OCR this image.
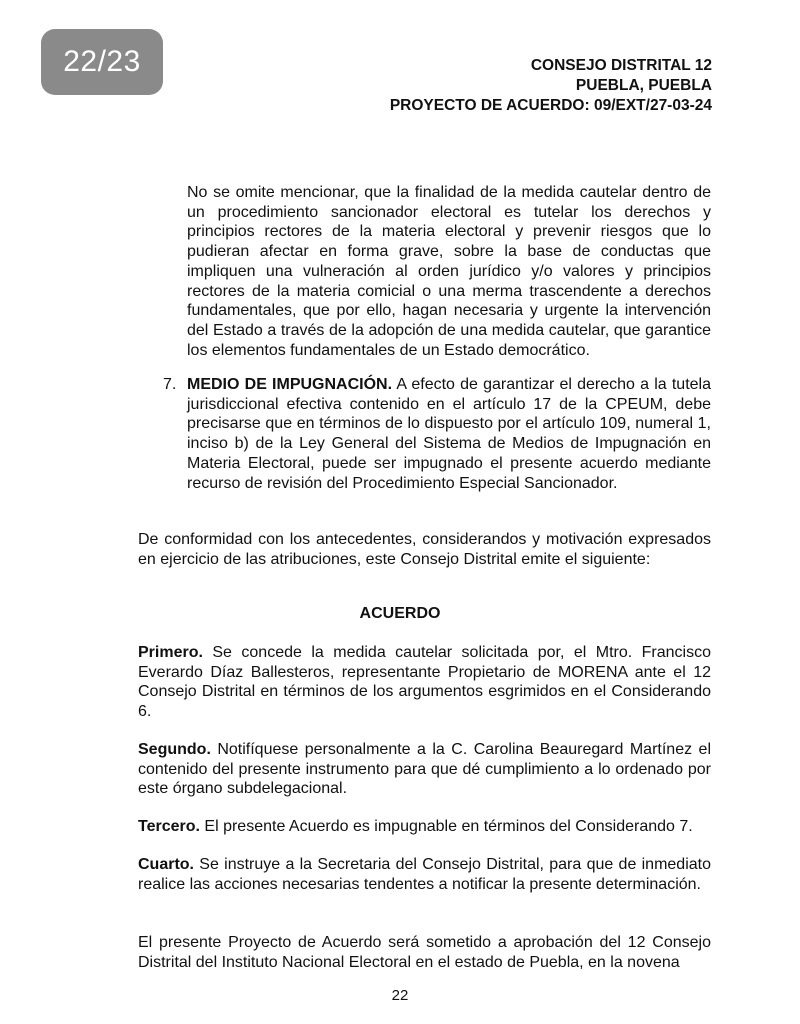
22/23	CONSEJO DISTRITAL 12
PUEBLA, PUEBLA
PROYECTO DE ACUERDO: 09/EXT/27-03-24

No se omite mencionar, que la finalidad de la medida cautelar dentro de un procedimiento sancionador electoral es tutelar los derechos y principios rectores de la materia electoral y prevenir riesgos que lo pudieran afectar en forma grave, sobre la base de conductas que impliquen una vulneración al orden jurídico y/o valores y principios rectores de la materia comicial o una merma trascendente a derechos fundamentales, que por ello, hagan necesaria y urgente la intervención del Estado a través de la adopción de una medida cautelar, que garantice los elementos fundamentales de un Estado democrático.

7. MEDIO DE IMPUGNACIÓN. A efecto de garantizar el derecho a la tutela jurisdiccional efectiva contenido en el artículo 17 de la CPEUM, debe precisarse que en términos de lo dispuesto por el artículo 109, numeral 1, inciso b) de la Ley General del Sistema de Medios de Impugnación en Materia Electoral, puede ser impugnado el presente acuerdo mediante recurso de revisión del Procedimiento Especial Sancionador.

De conformidad con los antecedentes, considerandos y motivación expresados en ejercicio de las atribuciones, este Consejo Distrital emite el siguiente:

ACUERDO

Primero. Se concede la medida cautelar solicitada por, el Mtro. Francisco Everardo Díaz Ballesteros, representante Propietario de MORENA ante el 12 Consejo Distrital en términos de los argumentos esgrimidos en el Considerando 6.

Segundo. Notifíquese personalmente a la C. Carolina Beauregard Martínez el contenido del presente instrumento para que dé cumplimiento a lo ordenado por este órgano subdelegacional.

Tercero. El presente Acuerdo es impugnable en términos del Considerando 7.

Cuarto. Se instruye a la Secretaria del Consejo Distrital, para que de inmediato realice las acciones necesarias tendentes a notificar la presente determinación.

El presente Proyecto de Acuerdo será sometido a aprobación del 12 Consejo Distrital del Instituto Nacional Electoral en el estado de Puebla, en la novena

22
